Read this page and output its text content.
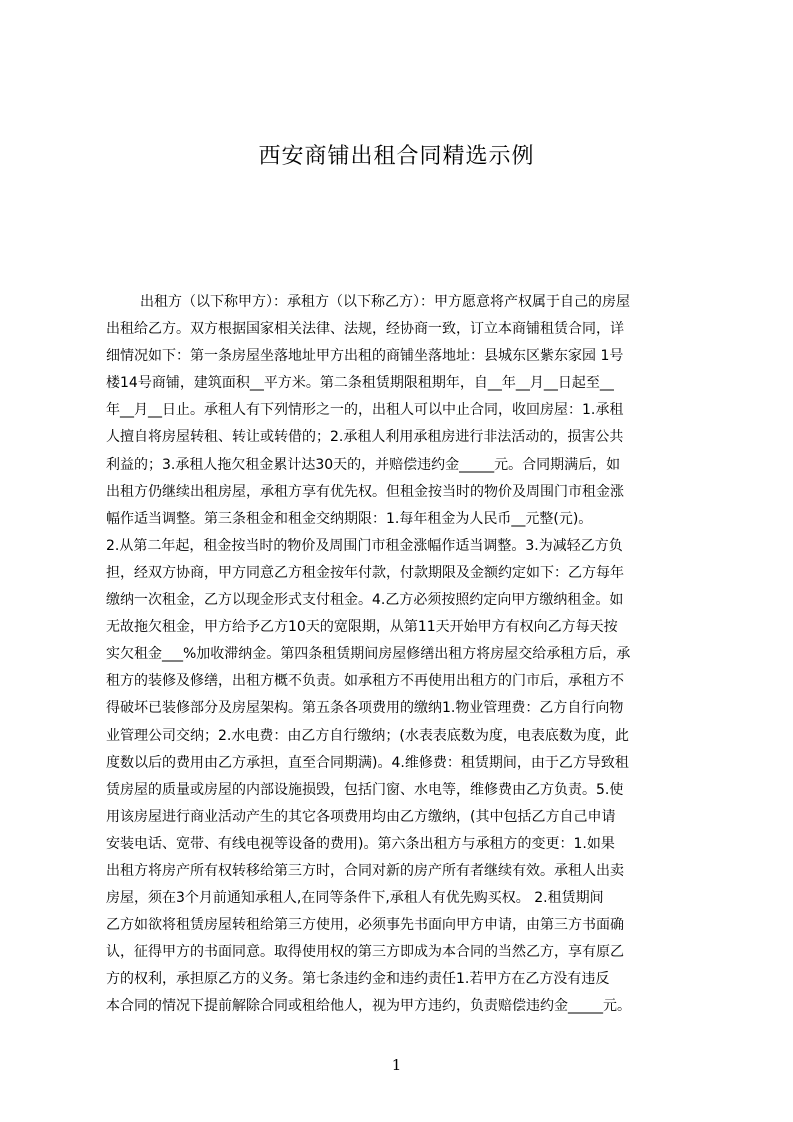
西安商铺出租合同精选示例
出租方（以下称甲方）：承租方（以下称乙方）：甲方愿意将产权属于自己的房屋
出租给乙方。双方根据国家相关法律、法规，经协商一致，订立本商铺租赁合同，详
细情况如下：第一条房屋坐落地址甲方出租的商铺坐落地址：县城东区紫东家园 1号
楼14号商铺，建筑面积__平方米。第二条租赁期限租期年，自__年__月__日起至__
年__月__日止。承租人有下列情形之一的，出租人可以中止合同，收回房屋：1.承租
人擅自将房屋转租、转让或转借的；2.承租人利用承租房进行非法活动的，损害公共
利益的；3.承租人拖欠租金累计达30天的，并赔偿违约金_____元。合同期满后，如
出租方仍继续出租房屋，承租方享有优先权。但租金按当时的物价及周围门市租金涨
幅作适当调整。第三条租金和租金交纳期限：1.每年租金为人民币__元整(元)。
2.从第二年起，租金按当时的物价及周围门市租金涨幅作适当调整。3.为减轻乙方负
担，经双方协商，甲方同意乙方租金按年付款，付款期限及金额约定如下：乙方每年
缴纳一次租金，乙方以现金形式支付租金。4.乙方必须按照约定向甲方缴纳租金。如
无故拖欠租金，甲方给予乙方10天的宽限期，从第11天开始甲方有权向乙方每天按
实欠租金___%加收滞纳金。第四条租赁期间房屋修缮出租方将房屋交给承租方后，承
租方的装修及修缮，出租方概不负责。如承租方不再使用出租方的门市后，承租方不
得破坏已装修部分及房屋架构。第五条各项费用的缴纳1.物业管理费：乙方自行向物
业管理公司交纳；2.水电费：由乙方自行缴纳；(水表表底数为度，电表底数为度，此
度数以后的费用由乙方承担，直至合同期满)。4.维修费：租赁期间，由于乙方导致租
赁房屋的质量或房屋的内部设施损毁，包括门窗、水电等，维修费由乙方负责。5.使
用该房屋进行商业活动产生的其它各项费用均由乙方缴纳，(其中包括乙方自己申请
安装电话、宽带、有线电视等设备的费用)。第六条出租方与承租方的变更：1.如果
出租方将房产所有权转移给第三方时，合同对新的房产所有者继续有效。承租人出卖
房屋，须在3个月前通知承租人,在同等条件下,承租人有优先购买权。 2.租赁期间
乙方如欲将租赁房屋转租给第三方使用，必须事先书面向甲方申请，由第三方书面确
认，征得甲方的书面同意。取得使用权的第三方即成为本合同的当然乙方，享有原乙
方的权利，承担原乙方的义务。第七条违约金和违约责任1.若甲方在乙方没有违反
本合同的情况下提前解除合同或租给他人，视为甲方违约，负责赔偿违约金_____元。
1
